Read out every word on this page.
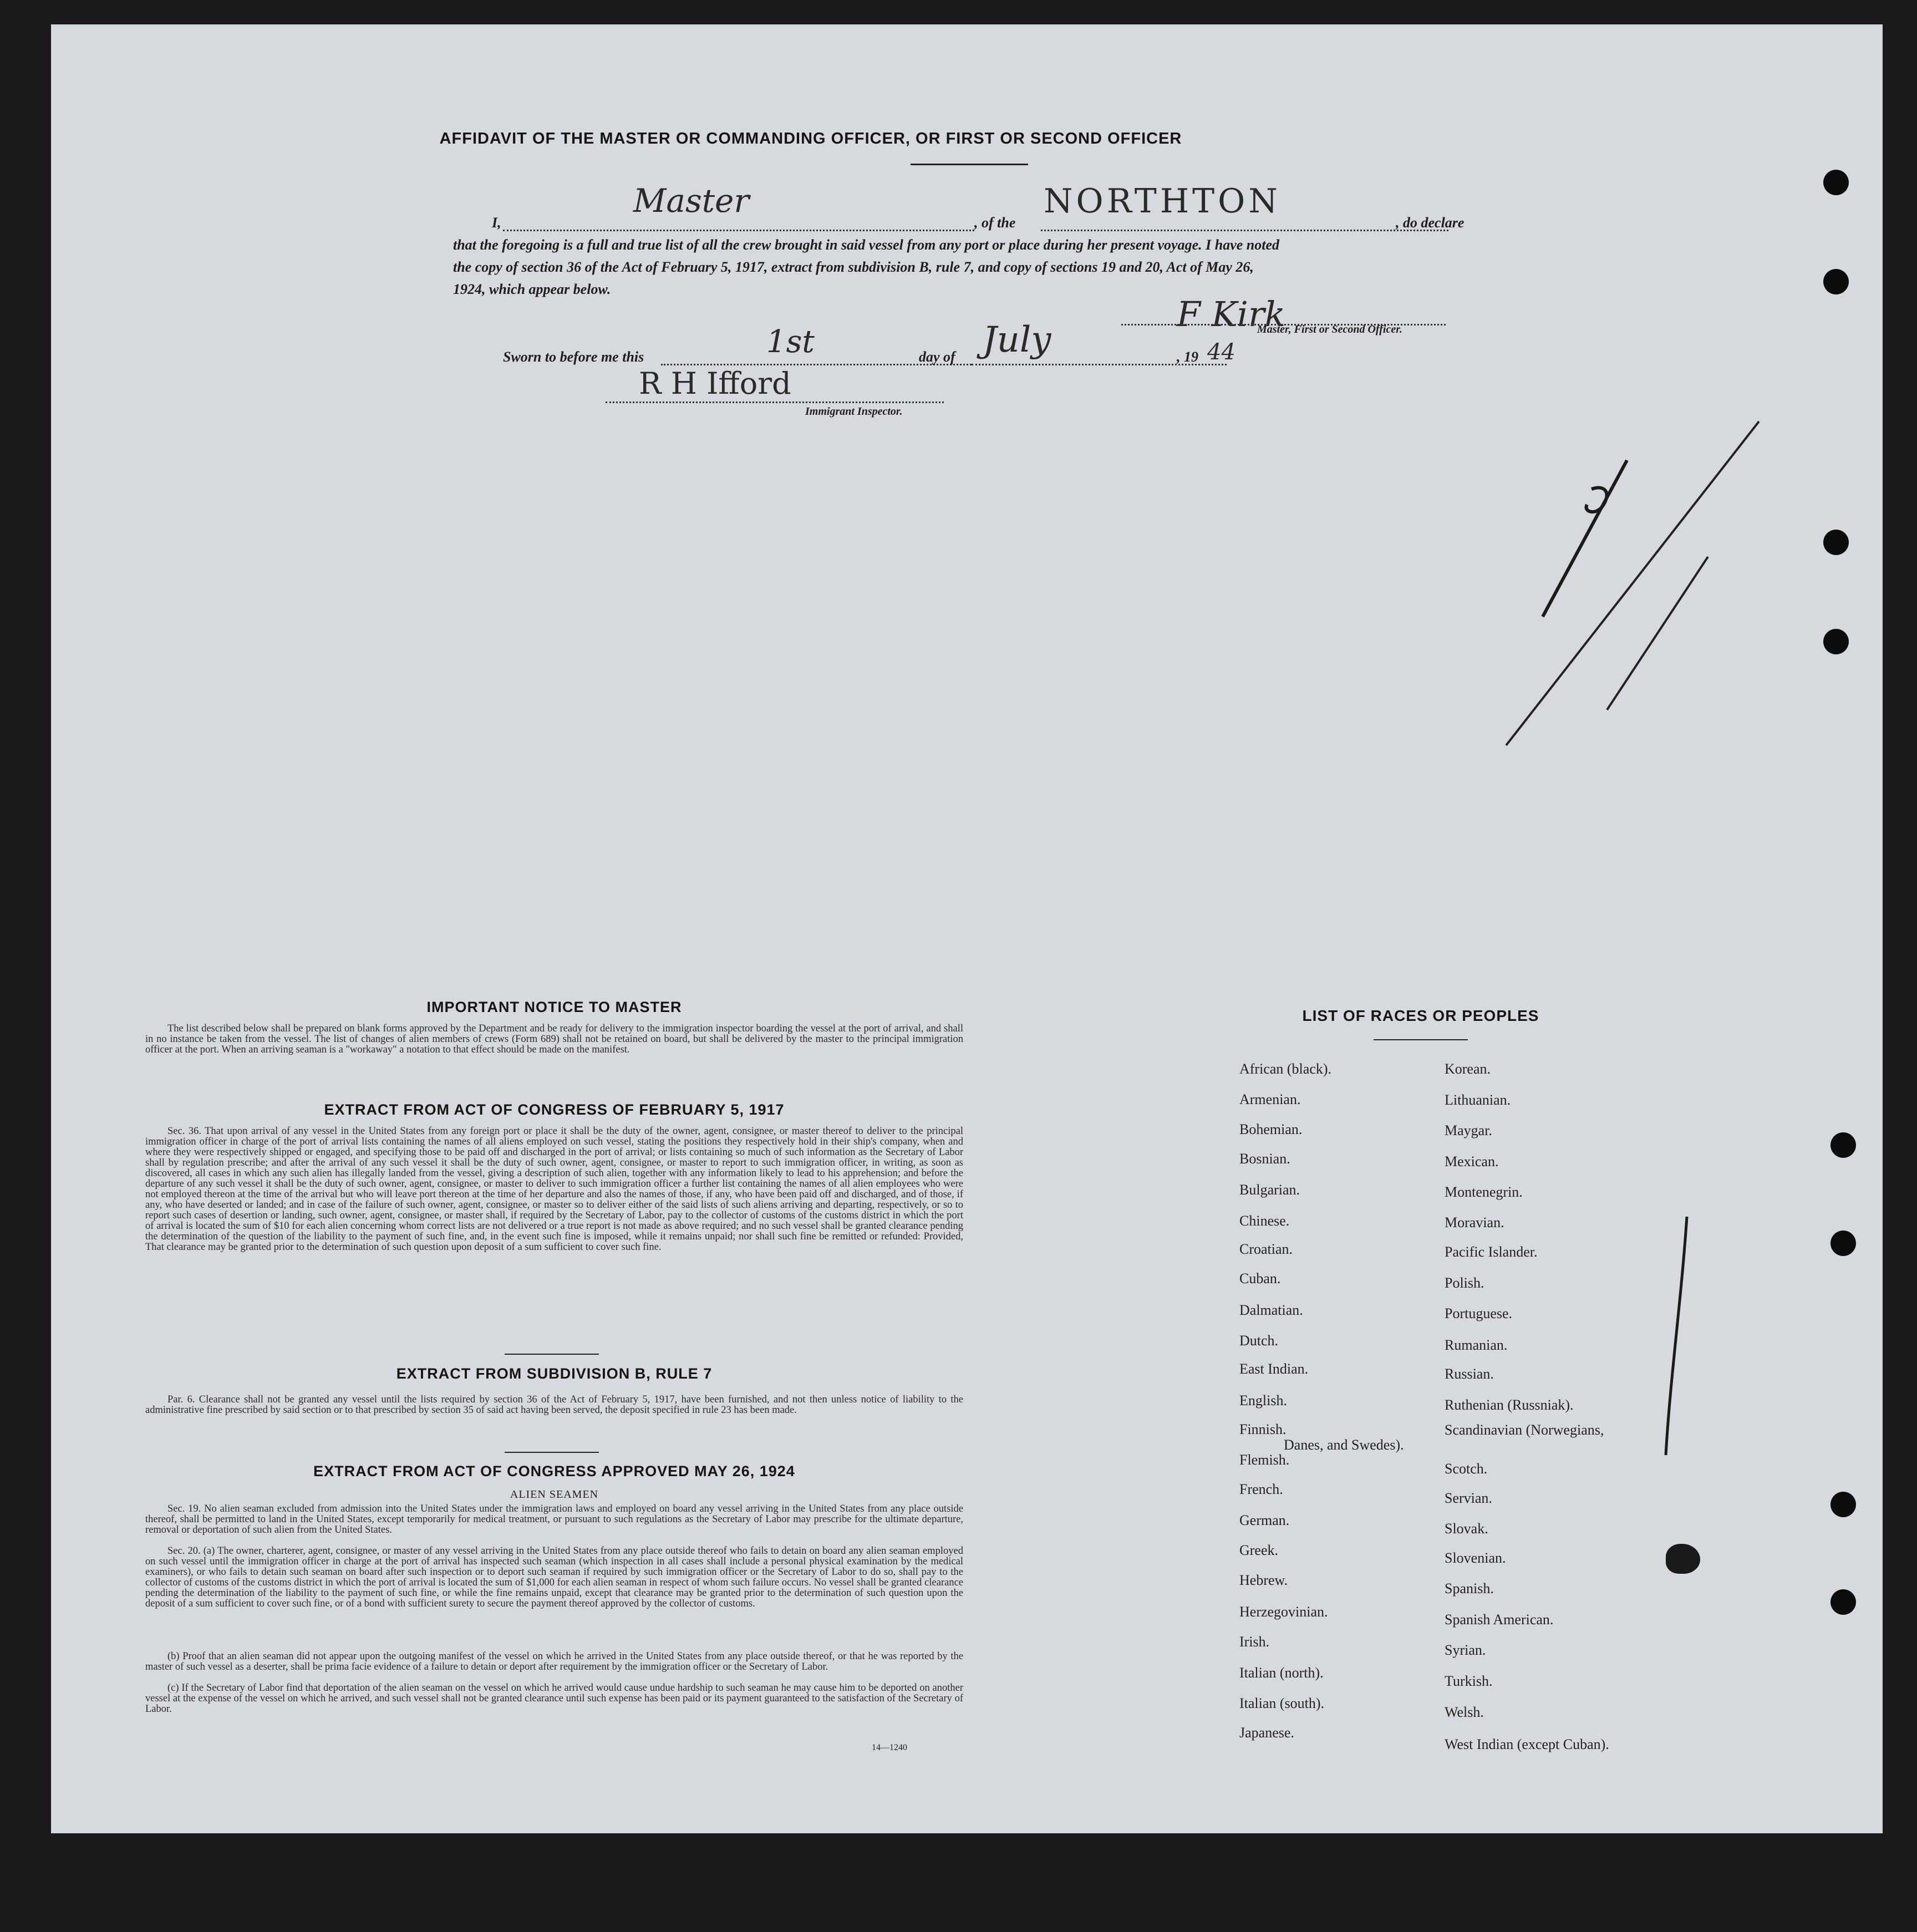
AFFIDAVIT OF THE MASTER OR COMMANDING OFFICER, OR FIRST OR SECOND OFFICER
I,
Master
, of the
NORTHTON
, do declare
that the foregoing is a full and true list of all the crew brought in said vessel from any port or place during her present voyage. I have noted
the copy of section 36 of the Act of February 5, 1917, extract from subdivision B, rule 7, and copy of sections 19 and 20, Act of May 26,
1924, which appear below.
F Kirk
Master, First or Second Officer.
Sworn to before me this	1st	day of July	, 19 44
R H Ifford
Immigrant Inspector.
IMPORTANT NOTICE TO MASTER
The list described below shall be prepared on blank forms approved by the Department and be ready for delivery to the immigration inspector boarding the vessel at the port of arrival, and shall in no instance be taken from the vessel. The list of changes of alien members of crews (Form 689) shall not be retained on board, but shall be delivered by the master to the principal immigration officer at the port. When an arriving seaman is a "workaway" a notation to that effect should be made on the manifest.
EXTRACT FROM ACT OF CONGRESS OF FEBRUARY 5, 1917
Sec. 36. That upon arrival of any vessel in the United States from any foreign port or place it shall be the duty of the owner, agent, consignee, or master thereof to deliver to the principal immigration officer in charge of the port of arrival lists containing the names of all aliens employed on such vessel, stating the positions they respectively hold in their ship's company, when and where they were respectively shipped or engaged, and specifying those to be paid off and discharged in the port of arrival; or lists containing so much of such information as the Secretary of Labor shall by regulation prescribe; and after the arrival of any such vessel it shall be the duty of such owner, agent, consignee, or master to report to such immigration officer, in writing, as soon as discovered, all cases in which any such alien has illegally landed from the vessel, giving a description of such alien, together with any information likely to lead to his apprehension; and before the departure of any such vessel it shall be the duty of such owner, agent, consignee, or master to deliver to such immigration officer a further list containing the names of all alien employees who were not employed thereon at the time of the arrival but who will leave port thereon at the time of her departure and also the names of those, if any, who have been paid off and discharged, and of those, if any, who have deserted or landed; and in case of the failure of such owner, agent, consignee, or master so to deliver either of the said lists of such aliens arriving and departing, respectively, or so to report such cases of desertion or landing, such owner, agent, consignee, or master shall, if required by the Secretary of Labor, pay to the collector of customs of the customs district in which the port of arrival is located the sum of $10 for each alien concerning whom correct lists are not delivered or a true report is not made as above required; and no such vessel shall be granted clearance pending the determination of the question of the liability to the payment of such fine, and, in the event such fine is imposed, while it remains unpaid; nor shall such fine be remitted or refunded: Provided, That clearance may be granted prior to the determination of such question upon deposit of a sum sufficient to cover such fine.
EXTRACT FROM SUBDIVISION B, RULE 7
Par. 6. Clearance shall not be granted any vessel until the lists required by section 36 of the Act of February 5, 1917, have been furnished, and not then unless notice of liability to the administrative fine prescribed by said section or to that prescribed by section 35 of said act having been served, the deposit specified in rule 23 has been made.
EXTRACT FROM ACT OF CONGRESS APPROVED MAY 26, 1924
ALIEN SEAMEN
Sec. 19. No alien seaman excluded from admission into the United States under the immigration laws and employed on board any vessel arriving in the United States from any place outside thereof, shall be permitted to land in the United States, except temporarily for medical treatment, or pursuant to such regulations as the Secretary of Labor may prescribe for the ultimate departure, removal or deportation of such alien from the United States.
Sec. 20. (a) The owner, charterer, agent, consignee, or master of any vessel arriving in the United States from any place outside thereof who fails to detain on board any alien seaman employed on such vessel until the immigration officer in charge at the port of arrival has inspected such seaman (which inspection in all cases shall include a personal physical examination by the medical examiners), or who fails to detain such seaman on board after such inspection or to deport such seaman if required by such immigration officer or the Secretary of Labor to do so, shall pay to the collector of customs of the customs district in which the port of arrival is located the sum of $1,000 for each alien seaman in respect of whom such failure occurs. No vessel shall be granted clearance pending the determination of the liability to the payment of such fine, or while the fine remains unpaid, except that clearance may be granted prior to the determination of such question upon the deposit of a sum sufficient to cover such fine, or of a bond with sufficient surety to secure the payment thereof approved by the collector of customs.
(b) Proof that an alien seaman did not appear upon the outgoing manifest of the vessel on which he arrived in the United States from any place outside thereof, or that he was reported by the master of such vessel as a deserter, shall be prima facie evidence of a failure to detain or deport after requirement by the immigration officer or the Secretary of Labor.
(c) If the Secretary of Labor find that deportation of the alien seaman on the vessel on which he arrived would cause undue hardship to such seaman he may cause him to be deported on another vessel at the expense of the vessel on which he arrived, and such vessel shall not be granted clearance until such expense has been paid or its payment guaranteed to the satisfaction of the Secretary of Labor.
14—1240
LIST OF RACES OR PEOPLES
African (black).
Armenian.
Bohemian.
Bosnian.
Bulgarian.
Chinese.
Croatian.
Cuban.
Dalmatian.
Dutch.
East Indian.
English.
Finnish.
Flemish.
French.
German.
Greek.
Hebrew.
Herzegovinian.
Irish.
Italian (north).
Italian (south).
Japanese.
Korean.
Lithuanian.
Maygar.
Mexican.
Montenegrin.
Moravian.
Pacific Islander.
Polish.
Portuguese.
Rumanian.
Russian.
Ruthenian (Russniak).
Scandinavian (Norwegians,
Danes, and Swedes).
Scotch.
Servian.
Slovak.
Slovenian.
Spanish.
Spanish American.
Syrian.
Turkish.
Welsh.
West Indian (except Cuban).
